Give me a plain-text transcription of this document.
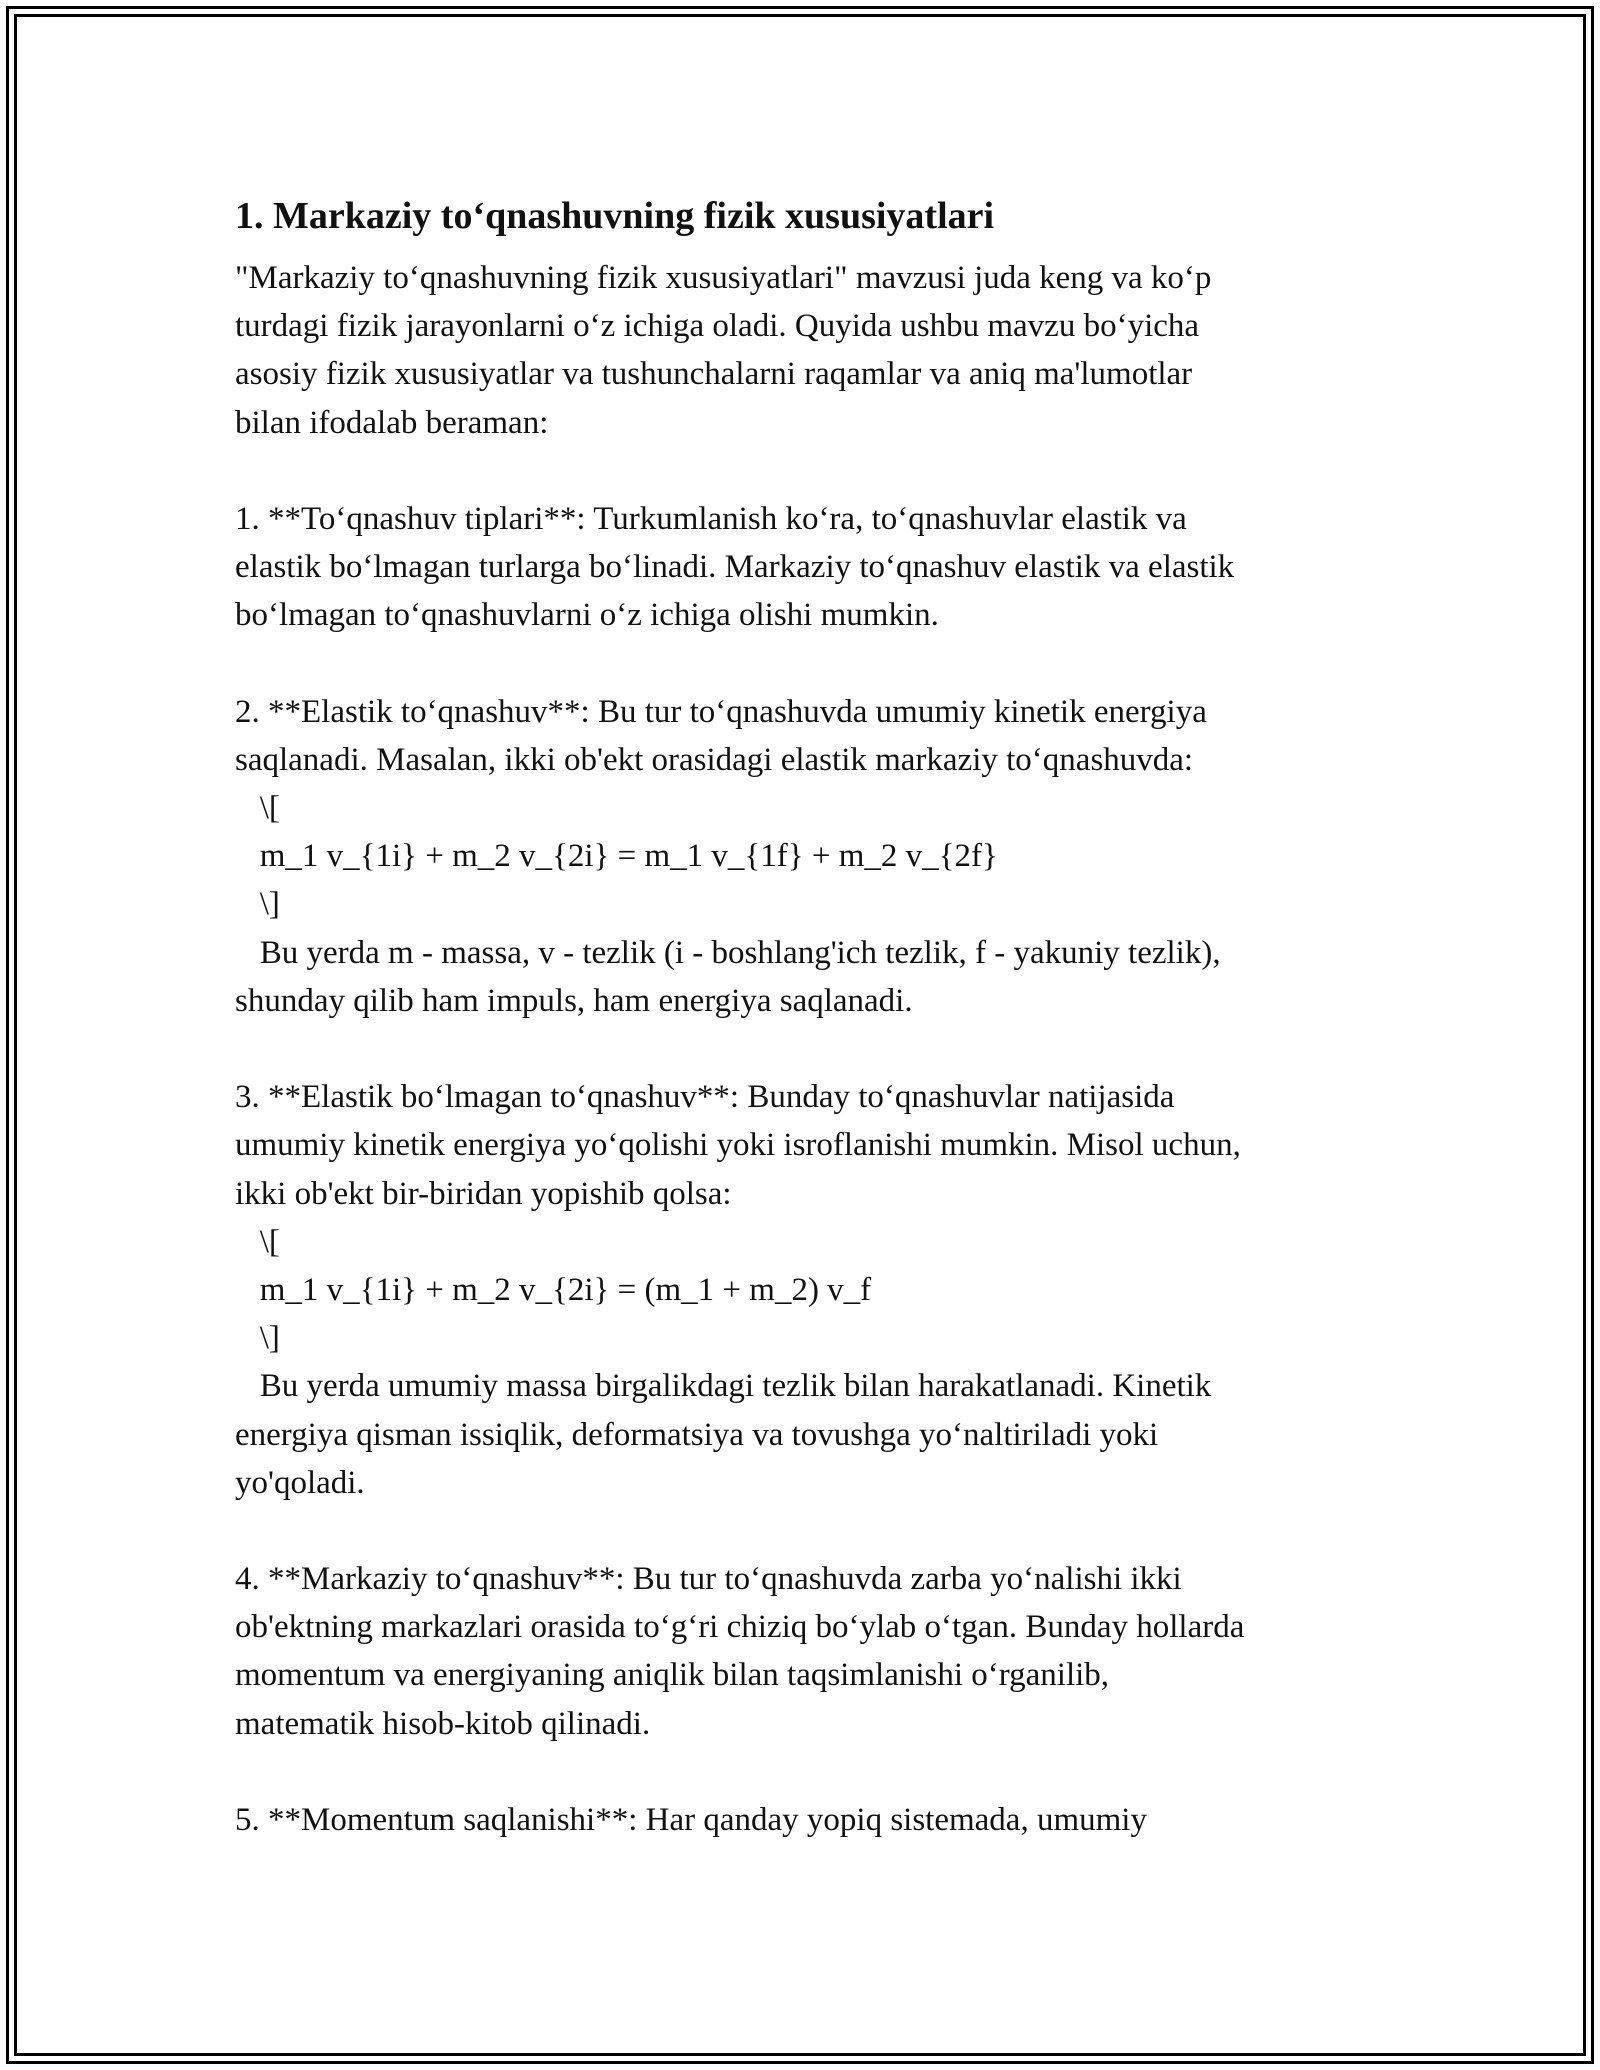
1. Markaziy to‘qnashuvning fizik xususiyatlari
"Markaziy to‘qnashuvning fizik xususiyatlari" mavzusi juda keng va ko‘p
turdagi fizik jarayonlarni o‘z ichiga oladi. Quyida ushbu mavzu bo‘yicha
asosiy fizik xususiyatlar va tushunchalarni raqamlar va aniq ma'lumotlar
bilan ifodalab beraman:
1. **To‘qnashuv tiplari**: Turkumlanish ko‘ra, to‘qnashuvlar elastik va
elastik bo‘lmagan turlarga bo‘linadi. Markaziy to‘qnashuv elastik va elastik
bo‘lmagan to‘qnashuvlarni o‘z ichiga olishi mumkin.
2. **Elastik to‘qnashuv**: Bu tur to‘qnashuvda umumiy kinetik energiya
saqlanadi. Masalan, ikki ob'ekt orasidagi elastik markaziy to‘qnashuvda:
\[
m_1 v_{1i} + m_2 v_{2i} = m_1 v_{1f} + m_2 v_{2f}
\]
Bu yerda m - massa, v - tezlik (i - boshlang'ich tezlik, f - yakuniy tezlik),
shunday qilib ham impuls, ham energiya saqlanadi.
3. **Elastik bo‘lmagan to‘qnashuv**: Bunday to‘qnashuvlar natijasida
umumiy kinetik energiya yo‘qolishi yoki isroflanishi mumkin. Misol uchun,
ikki ob'ekt bir-biridan yopishib qolsa:
\[
m_1 v_{1i} + m_2 v_{2i} = (m_1 + m_2) v_f
\]
Bu yerda umumiy massa birgalikdagi tezlik bilan harakatlanadi. Kinetik
energiya qisman issiqlik, deformatsiya va tovushga yo‘naltiriladi yoki
yo'qoladi.
4. **Markaziy to‘qnashuv**: Bu tur to‘qnashuvda zarba yo‘nalishi ikki
ob'ektning markazlari orasida to‘g‘ri chiziq bo‘ylab o‘tgan. Bunday hollarda
momentum va energiyaning aniqlik bilan taqsimlanishi o‘rganilib,
matematik hisob-kitob qilinadi.
5. **Momentum saqlanishi**: Har qanday yopiq sistemada, umumiy
